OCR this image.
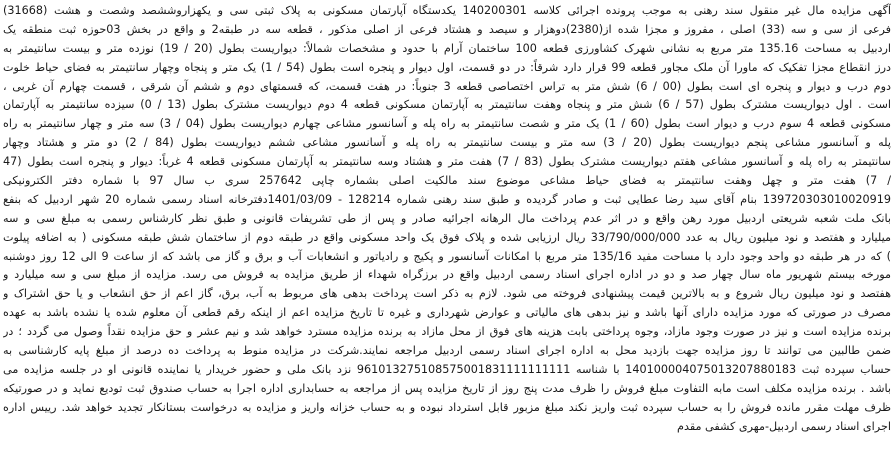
آگهی مزایده مال غیر منقول سند رهنی به موجب پرونده اجرائی کلاسه 140200301 یکدستگاه آپارتمان مسکونی به پلاک ثبتی سی و یکهزاروششصد وشصت و هشت (31668)
فرعی از سی و سه (33) اصلی ، مفروز و مجزا شده از(2380)دوهزار و سیصد و هشتاد فرعی از اصلی مذکور ، قطعه سه در طبقه2 و واقع در بخش 03حوزه ثبت منطقه یک
اردبیل به مساحت 135.16 متر مربع به نشانی شهرک کشاورزی قطعه 100 ساختمان آرام با حدود و مشخصات شمالاً: دیواریست بطول (20 / 19) نوزده متر و بیست سانتیمتر به
درز انقطاع مجزا تفکیک که ماورا آن ملک مجاور قطعه 99 قرار دارد شرقاً: در دو قسمت، اول دیوار و پنجره است بطول (54 / 1) یک متر و پنجاه وچهار سانتیمتر به فضای حیاط خلوت
دوم درب و دیوار و پنجره ای است بطول (00 / 6) شش متر به تراس اختصاصی قطعه 3 جنوباً: در هفت قسمت، که قسمتهای دوم و ششم آن شرقی ، قسمت چهارم آن غربی ،
است . اول دیواریست مشترک بطول (57 / 6) شش متر و پنجاه وهفت سانتیمتر به آپارتمان مسکونی قطعه 4 دوم دیواریست مشترک بطول (13 / 0) سیزده سانتیمتر به آپارتمان
مسکونی قطعه 4 سوم درب و دیوار است بطول (60 / 1) یک متر و شصت سانتیمتر به راه پله و آسانسور مشاعی چهارم دیواریست بطول (04 / 3) سه متر و چهار سانتیمتر به راه
پله و آسانسور مشاعی پنجم دیواریست بطول (20 / 3) سه متر و بیست سانتیمتر به راه پله و آسانسور مشاعی ششم دیواریست بطول (84 / 2) دو متر و هشتاد وچهار
سانتیمتر به راه پله و آسانسور مشاعی هفتم دیواریست مشترک بطول (83 / 7) هفت متر و هشتاد وسه سانتیمتر به آپارتمان مسکونی قطعه 4 غرباً: دیوار و پنجره است بطول (47
/ 7) هفت متر و چهل وهفت سانتیمتر به فضای حیاط مشاعی موضوع سند مالکیت اصلی بشماره چاپی 257642 سری ب سال 97 با شماره دفتر الکترونیکی
139720303010020919 بنام آقای سید رضا عطایی ثبت و صادر گردیده و طبق سند رهنی شماره 128214 - 1401/03/09دفترخانه اسناد رسمی شماره 20 شهر اردبیل که بنفع
بانک ملت شعبه شریعتی اردبیل مورد رهن واقع و در اثر عدم پرداخت مال الرهانه اجرائیه صادر و پس از طی تشریفات قانونی و طبق نظر کارشناس رسمی به مبلغ سی و سه
میلیارد و هفتصد و نود میلیون ریال به عدد 33/790/000/000 ریال ارزیابی شده و پلاک فوق یک واحد مسکونی واقع در طبقه دوم از ساختمان شش طبقه مسکونی ( به اضافه پیلوت
) که در هر طبقه دو واحد وجود دارد با مساحت مفید 135/16 متر مربع با امکانات آسانسور و پکیج و رادیاتور و انشعابات آب و برق و گاز می باشد که از ساعت 9 الی 12 روز دوشنبه
مورخه بیستم شهریور ماه سال چهار صد و دو در اداره اجرای اسناد رسمی اردبیل واقع در برزگراه شهداء از طریق مزایده به فروش می رسد. مزایده از مبلغ سی و سه میلیارد و
هفتصد و نود میلیون ریال شروع و به بالاترین قیمت پیشنهادی فروخته می شود. لازم به ذکر است پرداخت بدهی های مربوط به آب، برق، گاز اعم از حق انشعاب و یا حق اشتراک و
مصرف در صورتی که مورد مزایده دارای آنها باشد و نیز بدهی های مالیاتی و عوارض شهرداری و غیره تا تاریخ مزایده اعم از اینکه رقم قطعی آن معلوم شده یا نشده باشد به عهده
برنده مزایده است و نیز در صورت وجود مازاد، وجوه پرداختی بابت هزینه های فوق از محل مازاد به برنده مزایده مسترد خواهد شد و نیم عشر و حق مزایده نقداً وصول می گردد ؛ در
ضمن طالبین می توانند تا روز مزایده جهت بازدید محل به اداره اجرای اسناد رسمی اردبیل مراجعه نمایند.شرکت در مزایده منوط به پرداخت ده درصد از مبلغ پایه کارشناسی به
حساب سپرده ثبت 140100004075013207880183 با شناسه 961013275108575001831111111111 نزد بانک ملی و حضور خریدار یا نماینده قانونی او در جلسه مزایده می
باشد . برنده مزایده مکلف است مابه التفاوت مبلغ فروش را ظرف مدت پنج روز از تاریخ مزایده پس از مراجعه به حسابداری اداره اجرا به حساب صندوق ثبت تودیع نماید و در صورتیکه
ظرف مهلت مقرر مانده فروش را به حساب سپرده ثبت واریز نکند مبلغ مزبور قابل استرداد نبوده و به حساب خزانه واریز و مزایده به درخواست بستانکار تجدید خواهد شد. رییس اداره
اجرای اسناد رسمی اردبیل-مهری کشفی مقدم
